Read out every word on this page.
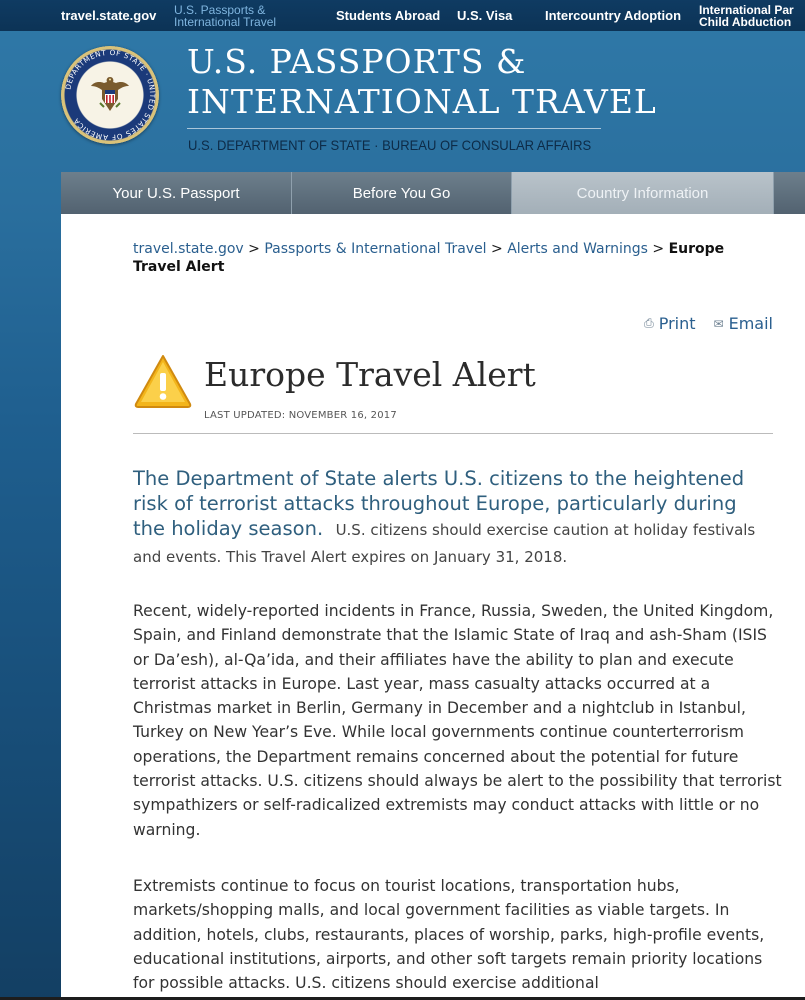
travel.state.gov U.S. Passports &
International Travel	Students Abroad U.S. Visa	Intercountry Adoption International Par
Child Abduction
DEPARTMENT OF STATE · UNITED STATES OF AMERICA
U.S. PASSPORTS &
INTERNATIONAL TRAVEL
U.S. DEPARTMENT OF STATE · BUREAU OF CONSULAR AFFAIRS
Your U.S. Passport	Before You Go	Country Information
travel.state.gov > Passports & International Travel > Alerts and Warnings > Europe Travel Alert
⎙ Print ✉ Email
Europe Travel Alert
LAST UPDATED: NOVEMBER 16, 2017
The Department of State alerts U.S. citizens to the heightened risk of terrorist attacks throughout Europe, particularly during the holiday season. U.S. citizens should exercise caution at holiday festivals and events. This Travel Alert expires on January 31, 2018.
Recent, widely-reported incidents in France, Russia, Sweden, the United Kingdom, Spain, and Finland demonstrate that the Islamic State of Iraq and ash-Sham (ISIS or Da’esh), al-Qa’ida, and their affiliates have the ability to plan and execute terrorist attacks in Europe. Last year, mass casualty attacks occurred at a Christmas market in Berlin, Germany in December and a nightclub in Istanbul, Turkey on New Year’s Eve. While local governments continue counterterrorism operations, the Department remains concerned about the potential for future terrorist attacks. U.S. citizens should always be alert to the possibility that terrorist sympathizers or self-radicalized extremists may conduct attacks with little or no warning.
Extremists continue to focus on tourist locations, transportation hubs, markets/shopping malls, and local government facilities as viable targets. In addition, hotels, clubs, restaurants, places of worship, parks, high-profile events, educational institutions, airports, and other soft targets remain priority locations for possible attacks. U.S. citizens should exercise additional
